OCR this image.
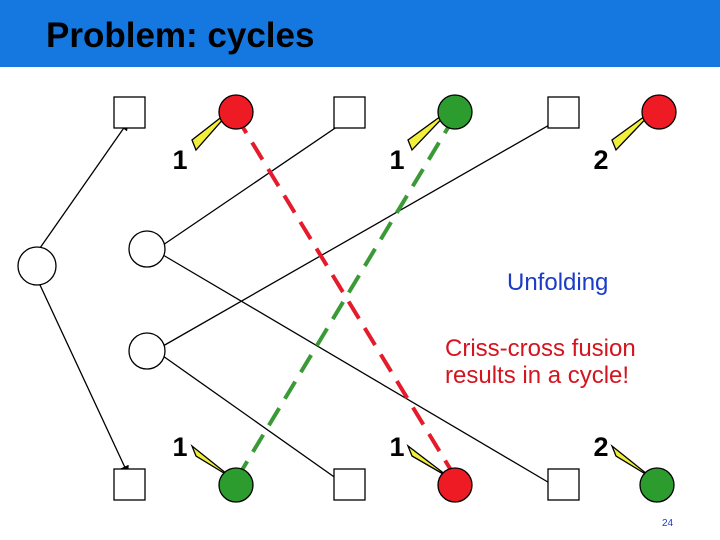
Problem: cycles
1	1	2
1	1	2
Unfolding
Criss-cross fusion
results in a cycle!
24
